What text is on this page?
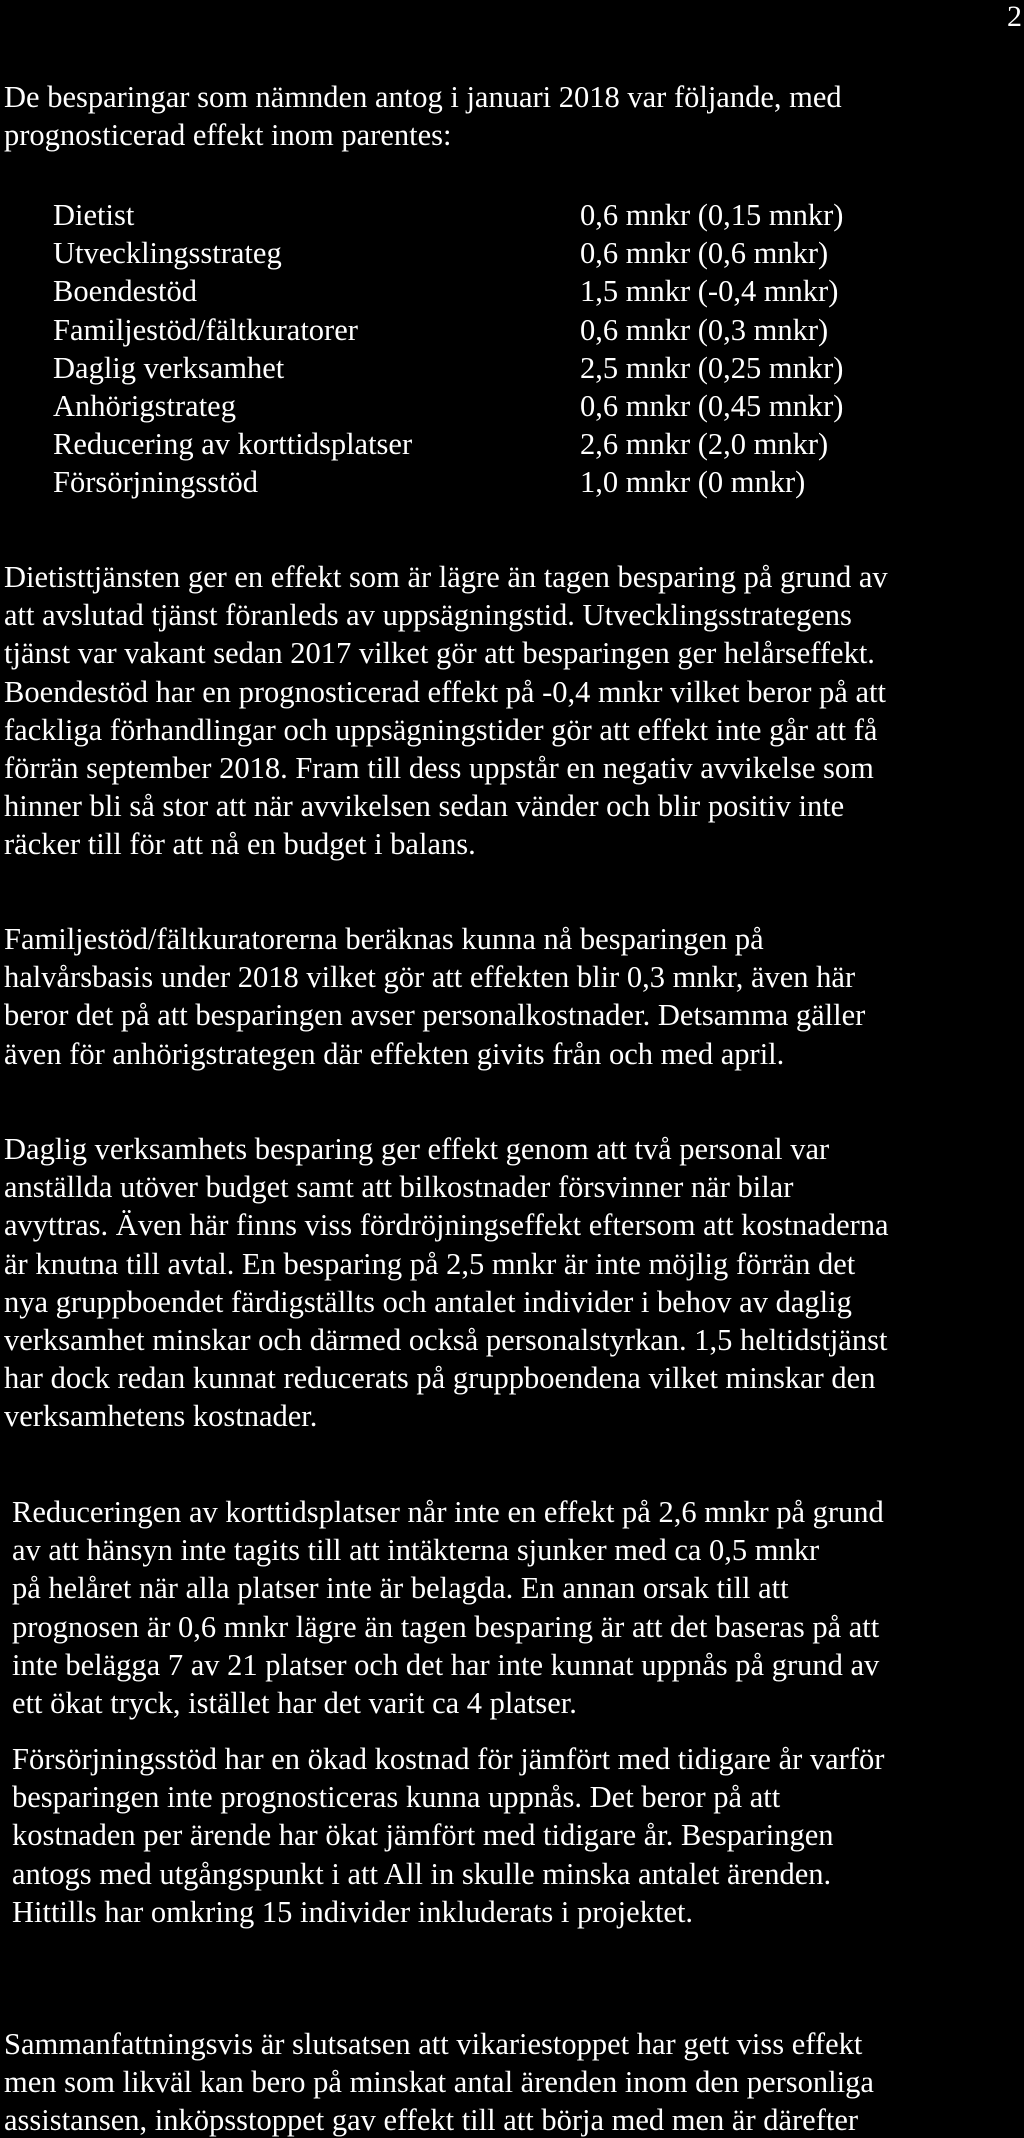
2

De besparingar som nämnden antog i januari 2018 var följande, med
prognosticerad effekt inom parentes:

Dietist	0,6 mnkr (0,15 mnkr)
Utvecklingsstrateg	0,6 mnkr (0,6 mnkr)
Boendestöd	1,5 mnkr (-0,4 mnkr)
Familjestöd/fältkuratorer	0,6 mnkr (0,3 mnkr)
Daglig verksamhet	2,5 mnkr (0,25 mnkr)
Anhörigstrateg	0,6 mnkr (0,45 mnkr)
Reducering av korttidsplatser	2,6 mnkr (2,0 mnkr)
Försörjningsstöd	1,0 mnkr (0 mnkr)

Dietisttjänsten ger en effekt som är lägre än tagen besparing på grund av
att avslutad tjänst föranleds av uppsägningstid. Utvecklingsstrategens
tjänst var vakant sedan 2017 vilket gör att besparingen ger helårseffekt.
Boendestöd har en prognosticerad effekt på -0,4 mnkr vilket beror på att
fackliga förhandlingar och uppsägningstider gör att effekt inte går att få
förrän september 2018. Fram till dess uppstår en negativ avvikelse som
hinner bli så stor att när avvikelsen sedan vänder och blir positiv inte
räcker till för att nå en budget i balans.

Familjestöd/fältkuratorerna beräknas kunna nå besparingen på
halvårsbasis under 2018 vilket gör att effekten blir 0,3 mnkr, även här
beror det på att besparingen avser personalkostnader. Detsamma gäller
även för anhörigstrategen där effekten givits från och med april.

Daglig verksamhets besparing ger effekt genom att två personal var
anställda utöver budget samt att bilkostnader försvinner när bilar
avyttras. Även här finns viss fördröjningseffekt eftersom att kostnaderna
är knutna till avtal. En besparing på 2,5 mnkr är inte möjlig förrän det
nya gruppboendet färdigställts och antalet individer i behov av daglig
verksamhet minskar och därmed också personalstyrkan. 1,5 heltidstjänst
har dock redan kunnat reducerats på gruppboendena vilket minskar den
verksamhetens kostnader.

Reduceringen av korttidsplatser når inte en effekt på 2,6 mnkr på grund
av att hänsyn inte tagits till att intäkterna sjunker med ca 0,5 mnkr
på helåret när alla platser inte är belagda. En annan orsak till att
prognosen är 0,6 mnkr lägre än tagen besparing är att det baseras på att
inte belägga 7 av 21 platser och det har inte kunnat uppnås på grund av
ett ökat tryck, istället har det varit ca 4 platser.

Försörjningsstöd har en ökad kostnad för jämfört med tidigare år varför
besparingen inte prognosticeras kunna uppnås. Det beror på att
kostnaden per ärende har ökat jämfört med tidigare år. Besparingen
antogs med utgångspunkt i att All in skulle minska antalet ärenden.
Hittills har omkring 15 individer inkluderats i projektet.

Sammanfattningsvis är slutsatsen att vikariestoppet har gett viss effekt
men som likväl kan bero på minskat antal ärenden inom den personliga
assistansen, inköpsstoppet gav effekt till att börja med men är därefter
